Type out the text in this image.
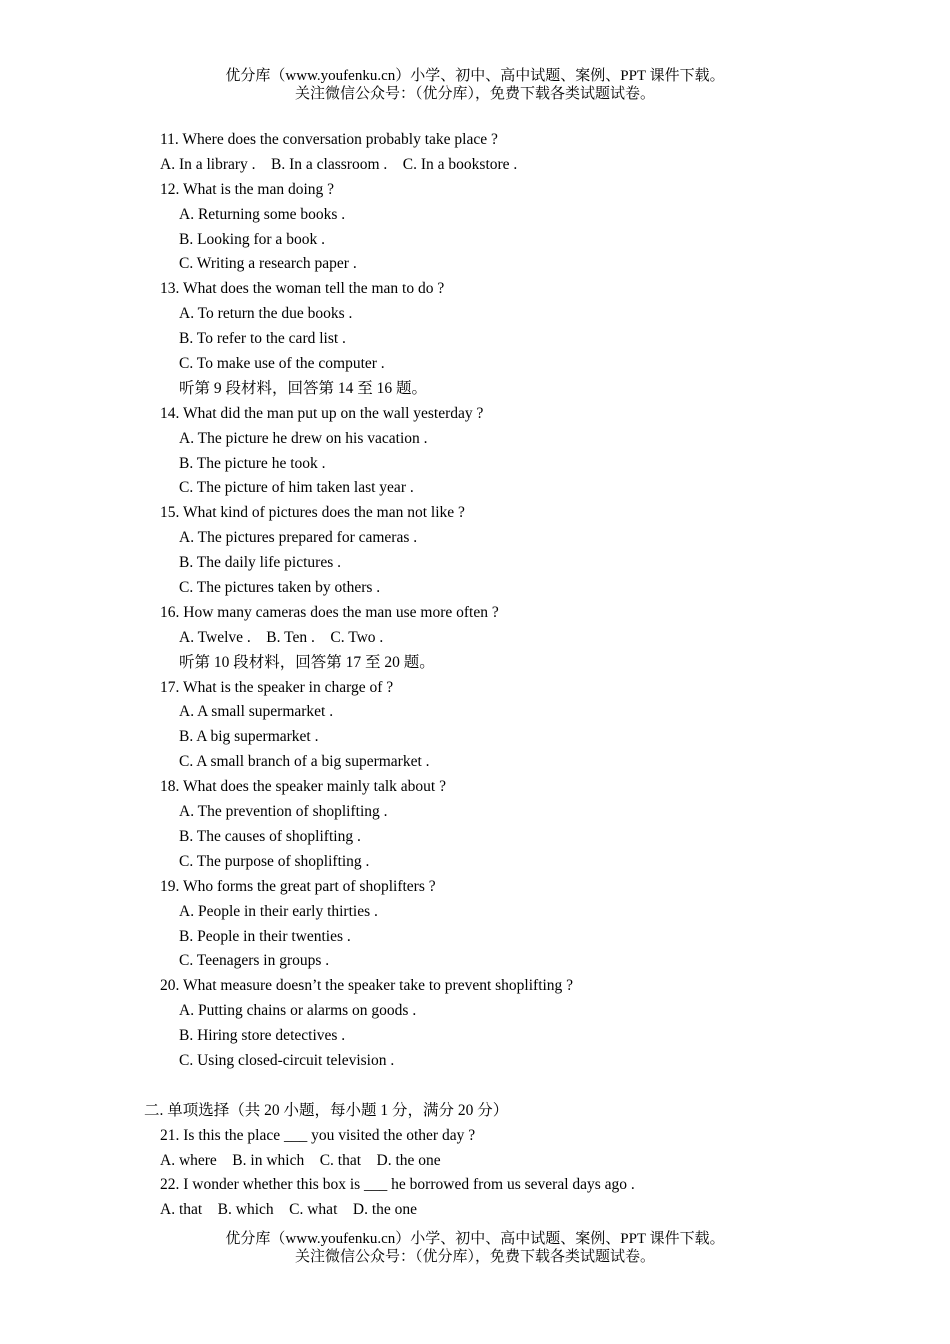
优分库（www.youfenku.cn）小学、初中、高中试题、案例、PPT 课件下载。
关注微信公众号：（优分库），免费下载各类试题试卷。
11. Where does the conversation probably take place ?
A. In a library .    B. In a classroom .    C. In a bookstore .
12. What is the man doing ?
A. Returning some books .
B. Looking for a book .
C. Writing a research paper .
13. What does the woman tell the man to do ?
A. To return the due books .
B. To refer to the card list .
C. To make use of the computer .
听第 9 段材料，回答第 14 至 16 题。
14. What did the man put up on the wall yesterday ?
A. The picture he drew on his vacation .
B. The picture he took .
C. The picture of him taken last year .
15. What kind of pictures does the man not like ?
A. The pictures prepared for cameras .
B. The daily life pictures .
C. The pictures taken by others .
16. How many cameras does the man use more often ?
A. Twelve .    B. Ten .    C. Two .
听第 10 段材料，回答第 17 至 20 题。
17. What is the speaker in charge of ?
A. A small supermarket .
B. A big supermarket .
C. A small branch of a big supermarket .
18. What does the speaker mainly talk about ?
A. The prevention of shoplifting .
B. The causes of shoplifting .
C. The purpose of shoplifting .
19. Who forms the great part of shoplifters ?
A. People in their early thirties .
B. People in their twenties .
C. Teenagers in groups .
20. What measure doesn’t the speaker take to prevent shoplifting ?
A. Putting chains or alarms on goods .
B. Hiring store detectives .
C. Using closed-circuit television .
二. 单项选择（共 20 小题，每小题 1 分，满分 20 分）
21. Is this the place ___ you visited the other day ?
A. where    B. in which    C. that    D. the one
22. I wonder whether this box is ___ he borrowed from us several days ago .
A. that    B. which    C. what    D. the one
优分库（www.youfenku.cn）小学、初中、高中试题、案例、PPT 课件下载。
关注微信公众号：（优分库），免费下载各类试题试卷。
